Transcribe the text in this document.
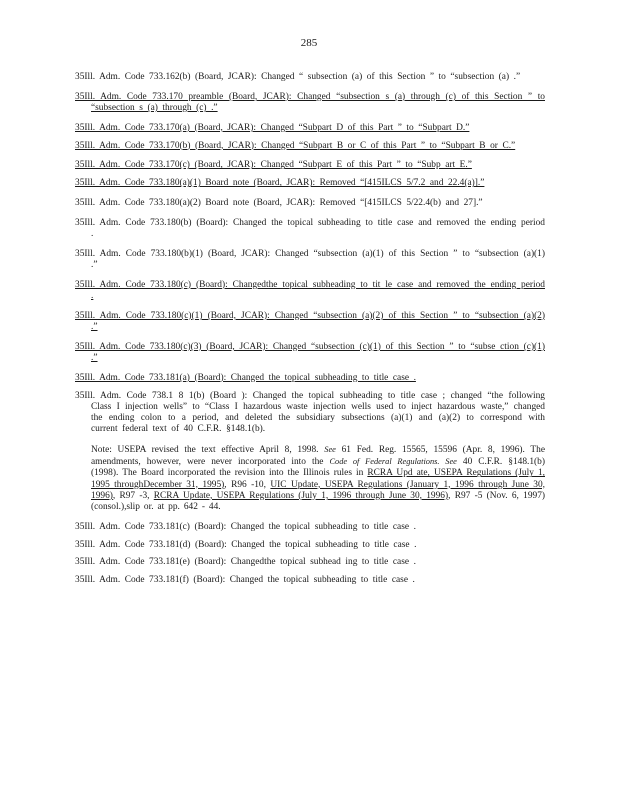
285
35Ill. Adm. Code 733.162(b) (Board, JCAR): Changed “ subsection (a) of this Section ” to “subsection (a) .”
35Ill. Adm. Code 733.170 preamble (Board, JCAR): Changed “subsection s (a) through (c) of this Section ” to “subsection s (a) through (c) .”
35Ill. Adm. Code 733.170(a) (Board, JCAR): Changed “Subpart D of this Part ” to “Subpart D.”
35Ill. Adm. Code 733.170(b) (Board, JCAR): Changed “Subpart B or C of this Part ” to “Subpart B or C.”
35Ill. Adm. Code 733.170(c) (Board, JCAR): Changed “Subpart E of this Part ” to “Subp art E.”
35Ill. Adm. Code 733.180(a)(1) Board note (Board, JCAR): Removed “[415ILCS 5/7.2 and 22.4(a)].”
35Ill. Adm. Code 733.180(a)(2) Board note (Board, JCAR): Removed “[415ILCS 5/22.4(b) and 27].”
35Ill. Adm. Code 733.180(b) (Board): Changed the topical subheading to title case and removed the ending period .
35Ill. Adm. Code 733.180(b)(1) (Board, JCAR): Changed “subsection (a)(1) of this Section ” to “subsection (a)(1) .”
35Ill. Adm. Code 733.180(c) (Board): Changedthe topical subheading to tit le case and removed the ending period .
35Ill. Adm. Code 733.180(c)(1) (Board, JCAR): Changed “subsection (a)(2) of this Section ” to “subsection (a)(2) .”
35Ill. Adm. Code 733.180(c)(3) (Board, JCAR): Changed “subsection (c)(1) of this Section ” to “subse ction (c)(1) .”
35Ill. Adm. Code 733.181(a) (Board): Changed the topical subheading to title case .
35Ill. Adm. Code 738.1 8 1(b) (Board ): Changed the topical subheading to title case ; changed “the following Class I injection wells” to “Class I hazardous waste injection wells used to inject hazardous waste,” changed the ending colon to a period, and deleted the subsidiary subsections (a)(1) and (a)(2) to correspond with current federal text of 40 C.F.R. §148.1(b).
Note: USEPA revised the text effective April 8, 1998. See 61 Fed. Reg. 15565, 15596 (Apr. 8, 1996). The amendments, however, were never incorporated into the Code of Federal Regulations. See 40 C.F.R. §148.1(b) (1998). The Board incorporated the revision into the Illinois rules in RCRA Upd ate, USEPA Regulations (July 1, 1995 throughDecember 31, 1995), R96 -10, UIC Update, USEPA Regulations (January 1, 1996 through June 30, 1996), R97 -3, RCRA Update, USEPA Regulations (July 1, 1996 through June 30, 1996), R97 -5 (Nov. 6, 1997) (consol.),slip or. at pp. 642 - 44.
35Ill. Adm. Code 733.181(c) (Board): Changed the topical subheading to title case .
35Ill. Adm. Code 733.181(d) (Board): Changed the topical subheading to title case .
35Ill. Adm. Code 733.181(e) (Board): Changedthe topical subhead ing to title case .
35Ill. Adm. Code 733.181(f) (Board): Changed the topical subheading to title case .
